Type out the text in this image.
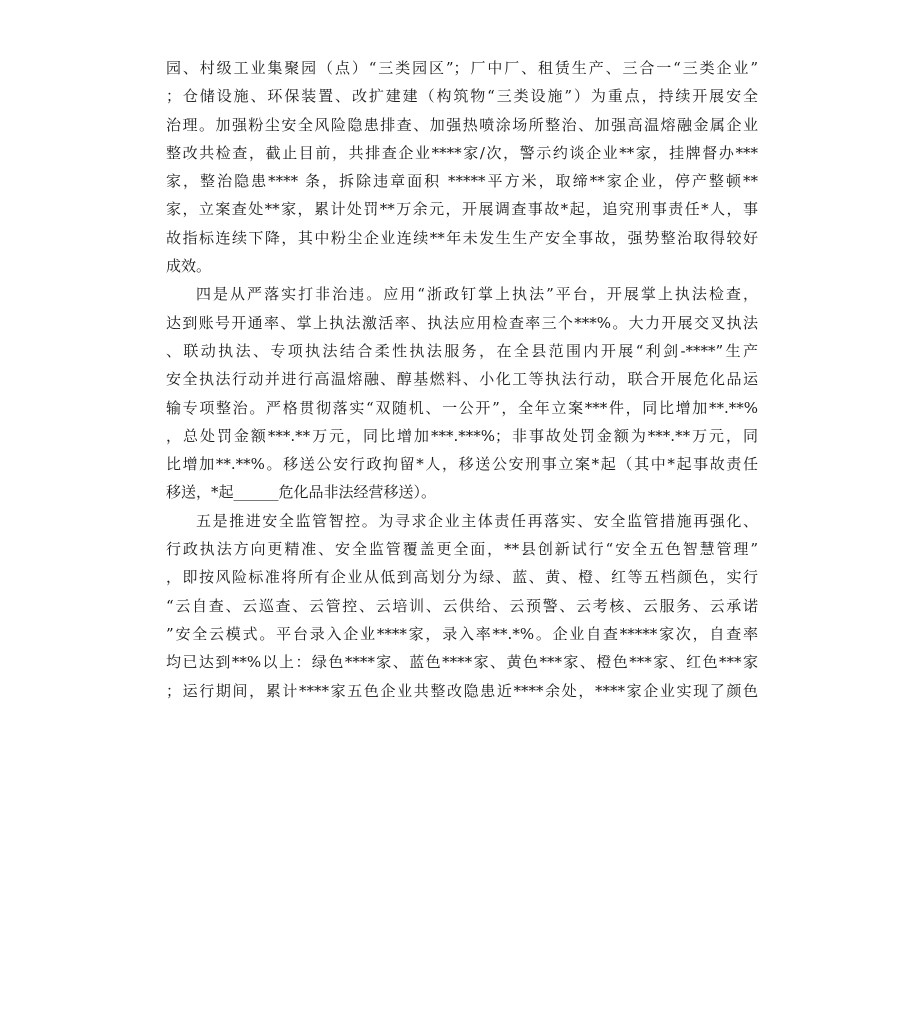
园、村级工业集聚园（点）“三类园区”；厂中厂、租赁生产、三合一“三类企业”
；仓储设施、环保装置、改扩建建（构筑物“三类设施”）为重点，持续开展安全
治理。加强粉尘安全风险隐患排查、加强热喷涂场所整治、加强高温熔融金属企业
整改共检查，截止目前，共排查企业****家/次，警示约谈企业**家，挂牌督办***
家，整治隐患**** 条，拆除违章面积 *****平方米，取缔**家企业，停产整顿**
家，立案查处**家，累计处罚**万余元，开展调查事故*起，追究刑事责任*人，事
故指标连续下降，其中粉尘企业连续**年未发生生产安全事故，强势整治取得较好
成效。
四是从严落实打非治违。应用“浙政钉掌上执法”平台，开展掌上执法检查，
达到账号开通率、掌上执法激活率、执法应用检查率三个***%。大力开展交叉执法
、联动执法、专项执法结合柔性执法服务，在全县范围内开展“利剑-****”生产
安全执法行动并进行高温熔融、醇基燃料、小化工等执法行动，联合开展危化品运
输专项整治。严格贯彻落实“双随机、一公开”，全年立案***件，同比增加**.**%
，总处罚金额***.**万元，同比增加***.***%；非事故处罚金额为***.**万元，同
比增加**.**%。移送公安行政拘留*人，移送公安刑事立案*起（其中*起事故责任
移送，*起______危化品非法经营移送）。
五是推进安全监管智控。为寻求企业主体责任再落实、安全监管措施再强化、
行政执法方向更精准、安全监管覆盖更全面，**县创新试行“安全五色智慧管理”
，即按风险标准将所有企业从低到高划分为绿、蓝、黄、橙、红等五档颜色，实行
“云自查、云巡查、云管控、云培训、云供给、云预警、云考核、云服务、云承诺
”安全云模式。平台录入企业****家，录入率**.*%。企业自查*****家次，自查率
均已达到**%以上：绿色****家、蓝色****家、黄色***家、橙色***家、红色***家
；运行期间，累计****家五色企业共整改隐患近****余处，****家企业实现了颜色
